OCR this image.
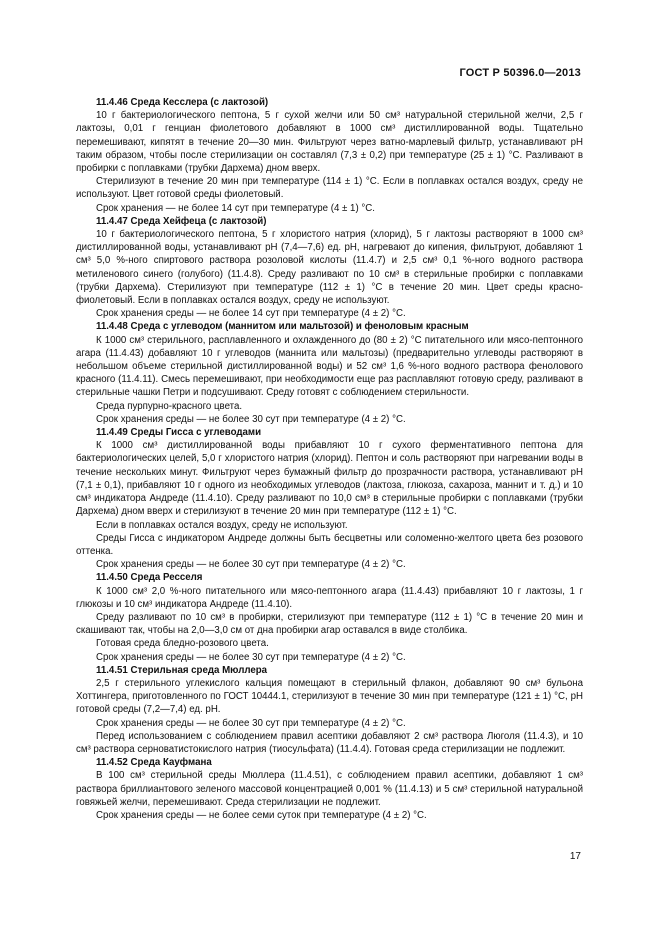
ГОСТ Р 50396.0—2013

11.4.46 Среда Кесслера (с лактозой)

10 г бактериологического пептона, 5 г сухой желчи или 50 см³ натуральной стерильной желчи, 2,5 г лактозы, 0,01 г генциан фиолетового добавляют в 1000 см³ дистиллированной воды. Тщательно перемешивают, кипятят в течение 20—30 мин. Фильтруют через ватно-марлевый фильтр, устанавливают pH таким образом, чтобы после стерилизации он составлял (7,3 ± 0,2) при температуре (25 ± 1) °С. Разливают в пробирки с поплавками (трубки Дархема) дном вверх.

Стерилизуют в течение 20 мин при температуре (114 ± 1) °С. Если в поплавках остался воздух, среду не используют. Цвет готовой среды фиолетовый.

Срок хранения — не более 14 сут при температуре (4 ± 1) °С.

11.4.47 Среда Хейфеца (с лактозой)

10 г бактериологического пептона, 5 г хлористого натрия (хлорид), 5 г лактозы растворяют в 1000 см³ дистиллированной воды, устанавливают pH (7,4—7,6) ед. pH, нагревают до кипения, фильтруют, добавляют 1 см³ 5,0 %-ного спиртового раствора розоловой кислоты (11.4.7) и 2,5 см³ 0,1 %-ного водного раствора метиленового синего (голубого) (11.4.8). Среду разливают по 10 см³ в стерильные пробирки с поплавками (трубки Дархема). Стерилизуют при температуре (112 ± 1) °С в течение 20 мин. Цвет среды красно-фиолетовый. Если в поплавках остался воздух, среду не используют.

Срок хранения среды — не более 14 сут при температуре (4 ± 2) °С.

11.4.48 Среда с углеводом (маннитом или мальтозой) и феноловым красным

К 1000 см³ стерильного, расплавленного и охлажденного до (80 ± 2) °С питательного или мясо-пептонного агара (11.4.43) добавляют 10 г углеводов (маннита или мальтозы) (предварительно углеводы растворяют в небольшом объеме стерильной дистиллированной воды) и 52 см³ 1,6 %-ного водного раствора фенолового красного (11.4.11). Смесь перемешивают, при необходимости еще раз расплавляют готовую среду, разливают в стерильные чашки Петри и подсушивают. Среду готовят с соблюдением стерильности.

Среда пурпурно-красного цвета.

Срок хранения среды — не более 30 сут при температуре (4 ± 2) °С.

11.4.49 Среды Гисса с углеводами

К 1000 см³ дистиллированной воды прибавляют 10 г сухого ферментативного пептона для бактериологических целей, 5,0 г хлористого натрия (хлорид). Пептон и соль растворяют при нагревании воды в течение нескольких минут. Фильтруют через бумажный фильтр до прозрачности раствора, устанавливают pH (7,1 ± 0,1), прибавляют 10 г одного из необходимых углеводов (лактоза, глюкоза, сахароза, маннит и т. д.) и 10 см³ индикатора Андреде (11.4.10). Среду разливают по 10,0 см³ в стерильные пробирки с поплавками (трубки Дархема) дном вверх и стерилизуют в течение 20 мин при температуре (112 ± 1) °С.

Если в поплавках остался воздух, среду не используют.

Среды Гисса с индикатором Андреде должны быть бесцветны или соломенно-желтого цвета без розового оттенка.

Срок хранения среды — не более 30 сут при температуре (4 ± 2) °С.

11.4.50 Среда Ресселя

К 1000 см³ 2,0 %-ного питательного или мясо-пептонного агара (11.4.43) прибавляют 10 г лактозы, 1 г глюкозы и 10 см³ индикатора Андреде (11.4.10).

Среду разливают по 10 см³ в пробирки, стерилизуют при температуре (112 ± 1) °С в течение 20 мин и скашивают так, чтобы на 2,0—3,0 см от дна пробирки агар оставался в виде столбика.

Готовая среда бледно-розового цвета.

Срок хранения среды — не более 30 сут при температуре (4 ± 2) °С.

11.4.51 Стерильная среда Мюллера

2,5 г стерильного углекислого кальция помещают в стерильный флакон, добавляют 90 см³ бульона Хоттингера, приготовленного по ГОСТ 10444.1, стерилизуют в течение 30 мин при температуре (121 ± 1) °С, pH готовой среды (7,2—7,4) ед. pH.

Срок хранения среды — не более 30 сут при температуре (4 ± 2) °С.

Перед использованием с соблюдением правил асептики добавляют 2 см³ раствора Люголя (11.4.3), и 10 см³ раствора серноватистокислого натрия (тиосульфата) (11.4.4). Готовая среда стерилизации не подлежит.

11.4.52 Среда Кауфмана

В 100 см³ стерильной среды Мюллера (11.4.51), с соблюдением правил асептики, добавляют 1 см³ раствора бриллиантового зеленого массовой концентрацией 0,001 % (11.4.13) и 5 см³ стерильной натуральной говяжьей желчи, перемешивают. Среда стерилизации не подлежит.

Срок хранения среды — не более семи суток при температуре (4 ± 2) °С.

17
